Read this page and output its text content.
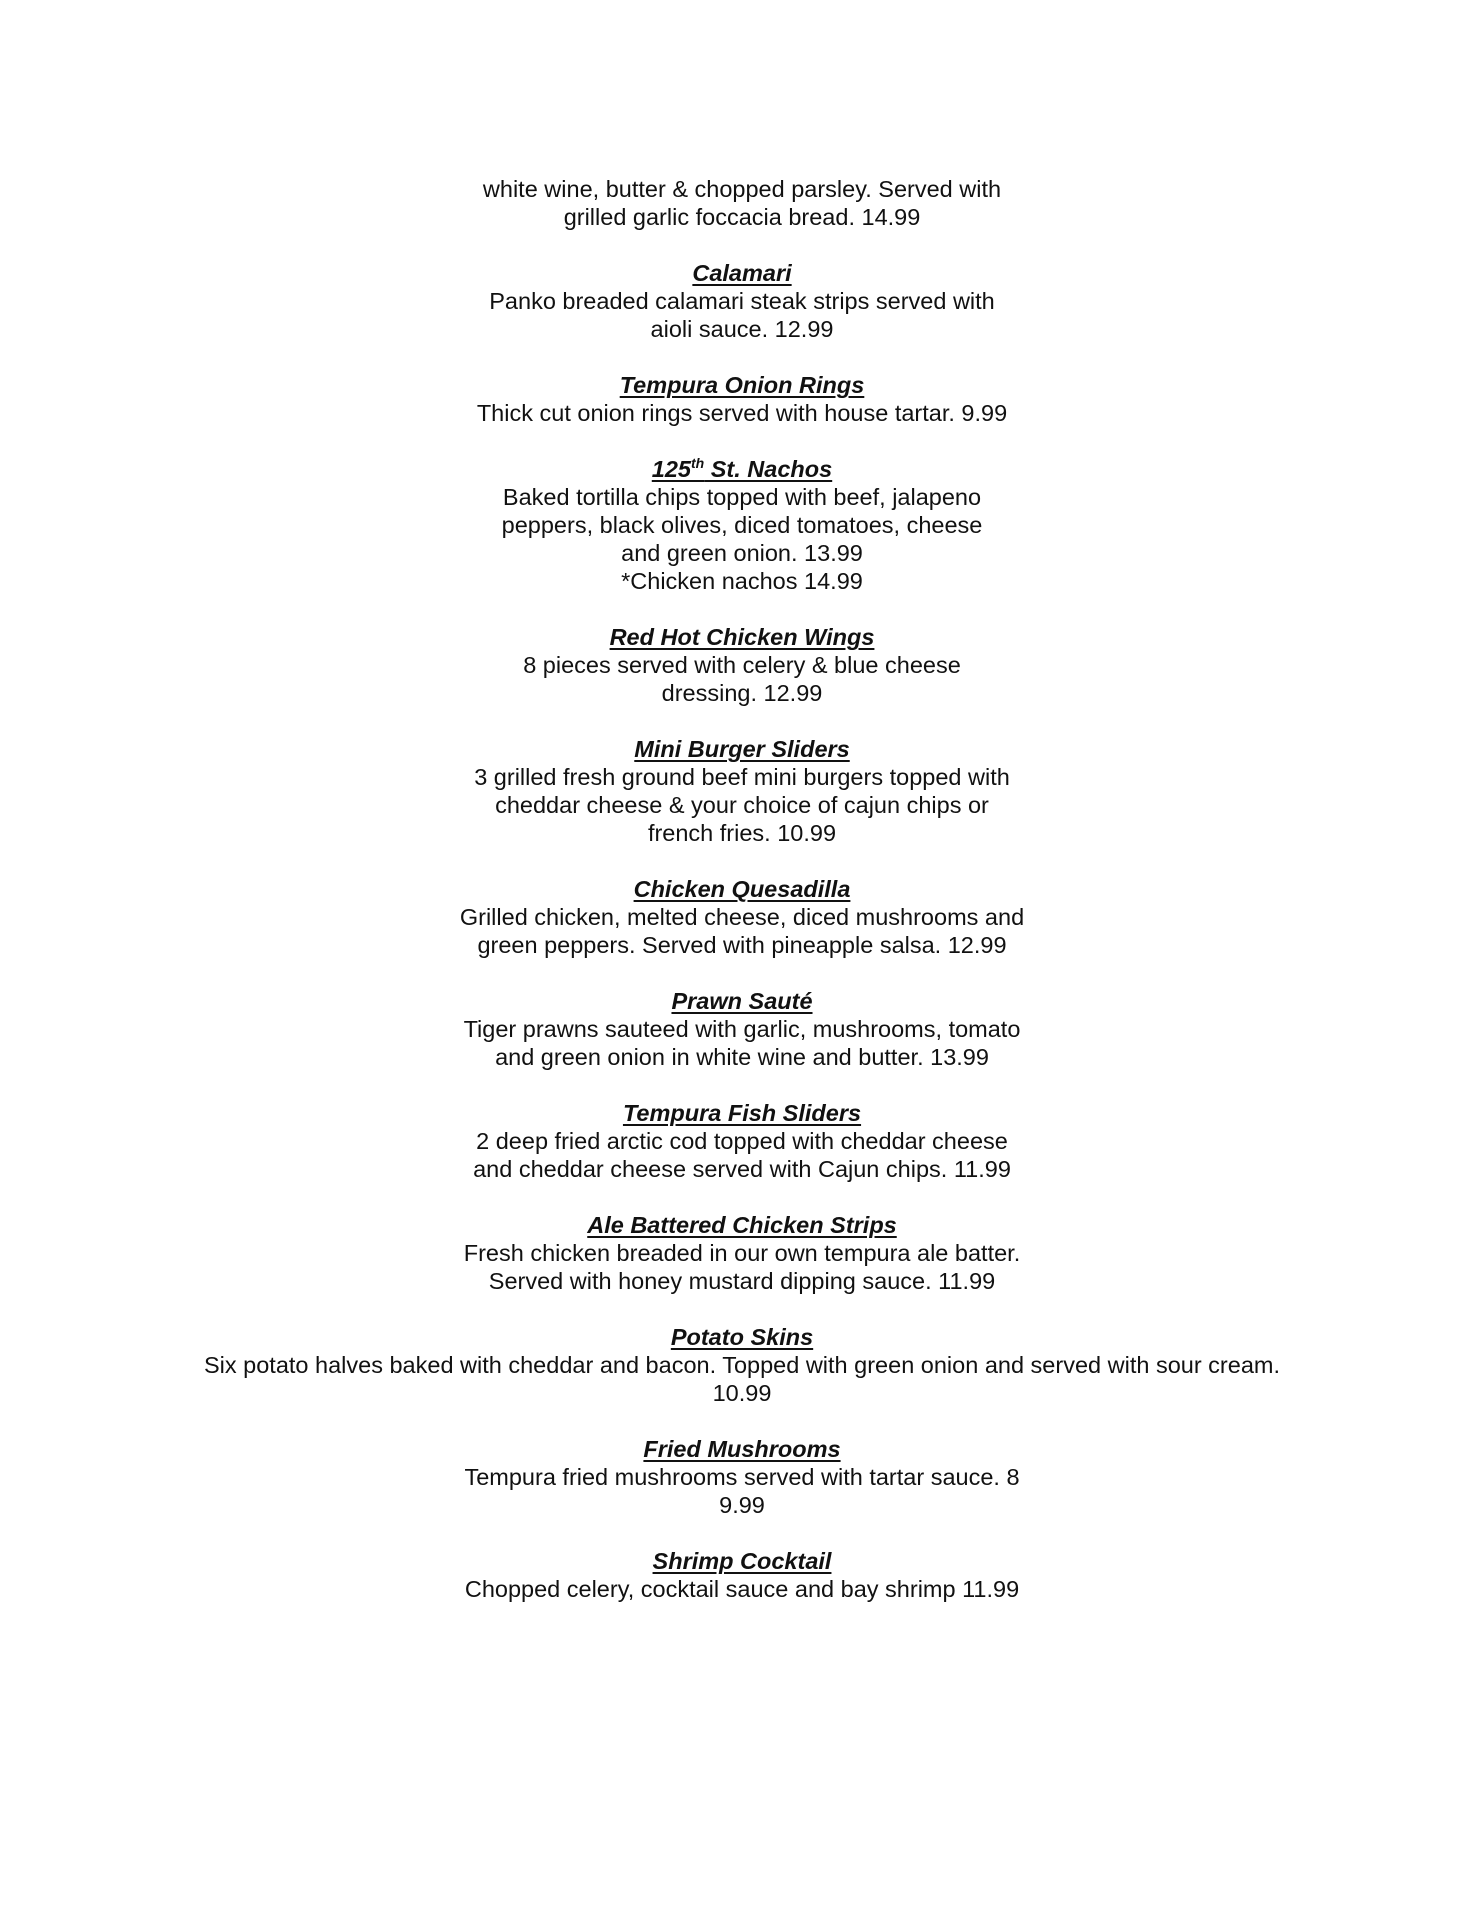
white wine, butter & chopped parsley. Served with
grilled garlic foccacia bread. 14.99
Calamari
Panko breaded calamari steak strips served with
aioli sauce. 12.99
Tempura Onion Rings
Thick cut onion rings served with house tartar. 9.99
125th St. Nachos
Baked tortilla chips topped with beef, jalapeno
peppers, black olives, diced tomatoes, cheese
and green onion. 13.99
*Chicken nachos 14.99
Red Hot Chicken Wings
8 pieces served with celery & blue cheese
dressing. 12.99
Mini Burger Sliders
3 grilled fresh ground beef mini burgers topped with
cheddar cheese & your choice of cajun chips or
french fries. 10.99
Chicken Quesadilla
Grilled chicken, melted cheese, diced mushrooms and
green peppers. Served with pineapple salsa. 12.99
Prawn Sauté
Tiger prawns sauteed with garlic, mushrooms, tomato
and green onion in white wine and butter. 13.99
Tempura Fish Sliders
2 deep fried arctic cod topped with cheddar cheese
and cheddar cheese served with Cajun chips. 11.99
Ale Battered Chicken Strips
Fresh chicken breaded in our own tempura ale batter.
Served with honey mustard dipping sauce. 11.99
Potato Skins
Six potato halves baked with cheddar and bacon. Topped with green onion and served with sour cream.
10.99
Fried Mushrooms
Tempura fried mushrooms served with tartar sauce. 8
9.99
Shrimp Cocktail
Chopped celery, cocktail sauce and bay shrimp 11.99
